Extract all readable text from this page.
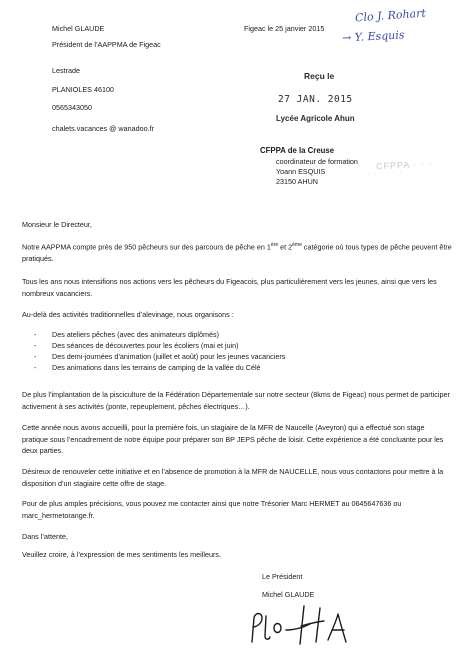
Michel GLAUDE
Président de l’AAPPMA de Figeac
Lestrade
PLANIOLES 46100
0565343050
chalets.vacances @ wanadoo.fr
Figeac le 25 janvier 2015
Clo J. Rohart
→ Y. Esquis
Reçu le
27 JAN. 2015
Lycée Agricole Ahun
CFPPA · · ·
· · · · · ·
CFPPA de la Creuse
coordinateur de formation
Yoann ESQUIS
23150 AHUN
Monsieur le Directeur,
Notre AAPPMA compte près de 950 pêcheurs sur des parcours de pêche en 1ère et 2ème catégorie où tous types de pêche peuvent être pratiqués.
Tous les ans nous intensifions nos actions vers les pêcheurs du Figeacois, plus particulièrement vers les jeunes, ainsi que vers les nombreux vacanciers.
Au-delà des activités traditionnelles d’alevinage, nous organisons :
- Des ateliers pêches (avec des animateurs diplômés)
- Des séances de découvertes pour les écoliers (mai et juin)
- Des demi-journées d’animation (juillet et août) pour les jeunes vacanciers
- Des animations dans les terrains de camping de la vallée du Célé
De plus l’implantation de la pisciculture de la Fédération Départementale sur notre secteur (8kms de Figeac) nous permet de participer activement à ses activités (ponte, repeuplement, pêches électriques…).
Cette année nous avons accueilli, pour la première fois, un stagiaire de la MFR de Naucelle (Aveyron) qui a effectué son stage pratique sous l’encadrement de notre équipe pour préparer son BP JEPS pêche de loisir. Cette expérience a été concluante pour les deux parties.
Désireux de renouveler cette initiative et en l’absence de promotion à la MFR de NAUCELLE, nous vous contactons pour mettre à la disposition d’un stagiaire cette offre de stage.
Pour de plus amples précisions, vous pouvez me contacter ainsi que notre Trésorier Marc HERMET au 0645647636 ou marc_hermetorange.fr.
Dans l’attente,
Veuillez croire, à l’expression de mes sentiments les meilleurs.
Le Président
Michel GLAUDE
